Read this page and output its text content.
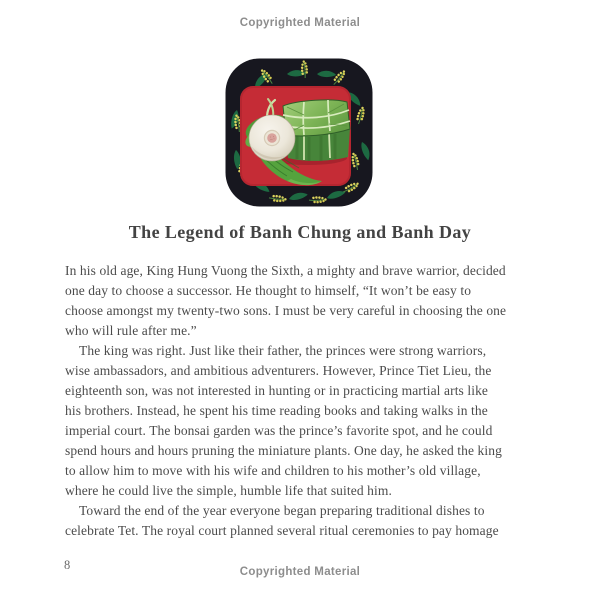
Copyrighted Material
The Legend of Banh Chung and Banh Day
In his old age, King Hung Vuong the Sixth, a mighty and brave warrior, decided
one day to choose a successor. He thought to himself, “It won’t be easy to
choose amongst my twenty-two sons. I must be very careful in choosing the one
who will rule after me.”
The king was right. Just like their father, the princes were strong warriors,
wise ambassadors, and ambitious adventurers. However, Prince Tiet Lieu, the
eighteenth son, was not interested in hunting or in practicing martial arts like
his brothers. Instead, he spent his time reading books and taking walks in the
imperial court. The bonsai garden was the prince’s favorite spot, and he could
spend hours and hours pruning the miniature plants. One day, he asked the king
to allow him to move with his wife and children to his mother’s old village,
where he could live the simple, humble life that suited him.
Toward the end of the year everyone began preparing traditional dishes to
celebrate Tet. The royal court planned several ritual ceremonies to pay homage
8	Copyrighted Material
